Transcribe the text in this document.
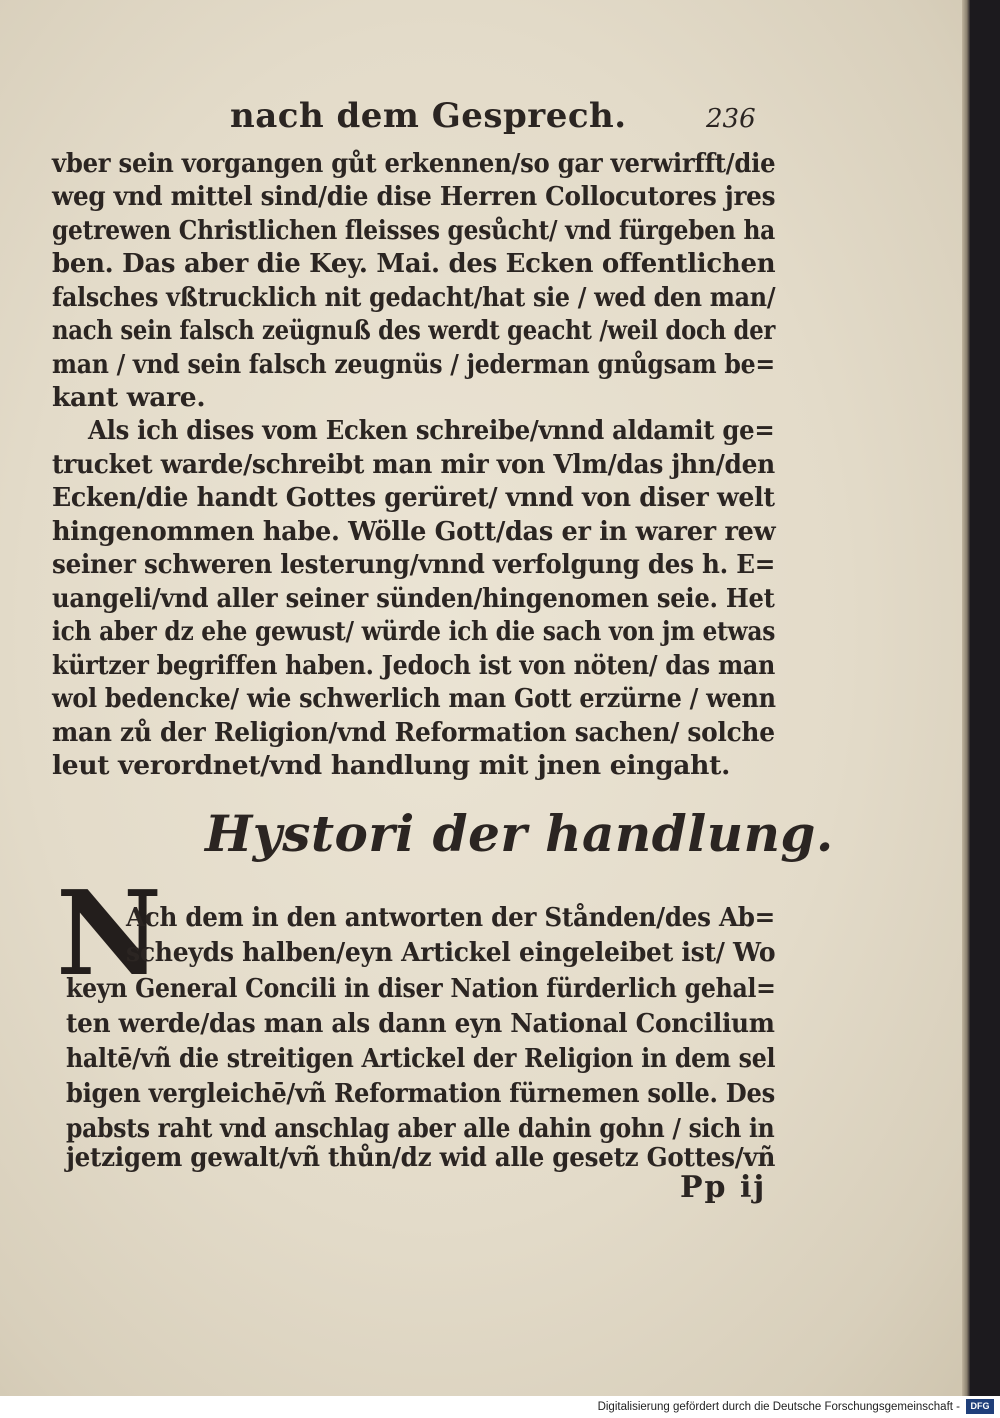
nach dem Gesprech.	236
vber sein vorgangen gůt erkennen/so gar verwirfft/die
weg vnd mittel sind/die dise Herren Collocutores jres
getrewen Christlichen fleisses gesůcht/ vnd fürgeben ha
ben. Das aber die Key. Mai. des Ecken offentlichen
falsches vßtrucklich nit gedacht/hat sie / wed den man/
nach sein falsch zeügnuß des werdt geacht /weil doch der
man / vnd sein falsch zeugnüs / jederman gnůgsam be=
kant ware.
Als ich dises vom Ecken schreibe/vnnd aldamit ge=
trucket warde/schreibt man mir von Vlm/das jhn/den
Ecken/die handt Gottes gerüret/ vnnd von diser welt
hingenommen habe. Wölle Gott/das er in warer rew
seiner schweren lesterung/vnnd verfolgung des h. E=
uangeli/vnd aller seiner sünden/hingenomen seie. Het
ich aber dz ehe gewust/ würde ich die sach von jm etwas
kürtzer begriffen haben. Jedoch ist von nöten/ das man
wol bedencke/ wie schwerlich man Gott erzürne / wenn
man zů der Religion/vnd Reformation sachen/ solche
leut verordnet/vnd handlung mit jnen eingaht.
Hystori der handlung.
N
Ach dem in den antworten der Stånden/des Ab=
scheyds halben/eyn Artickel eingeleibet ist/ Wo
keyn General Concili in diser Nation fürderlich gehal=
ten werde/das man als dann eyn National Concilium
haltē/vñ die streitigen Artickel der Religion in dem sel
bigen vergleichē/vñ Reformation fürnemen solle. Des
pabsts raht vnd anschlag aber alle dahin gohn / sich in
jetzigem gewalt/vñ thůn/dz wid alle gesetz Gottes/vñ
Pp ij
Digitalisierung gefördert durch die Deutsche Forschungsgemeinschaft -	DFG
